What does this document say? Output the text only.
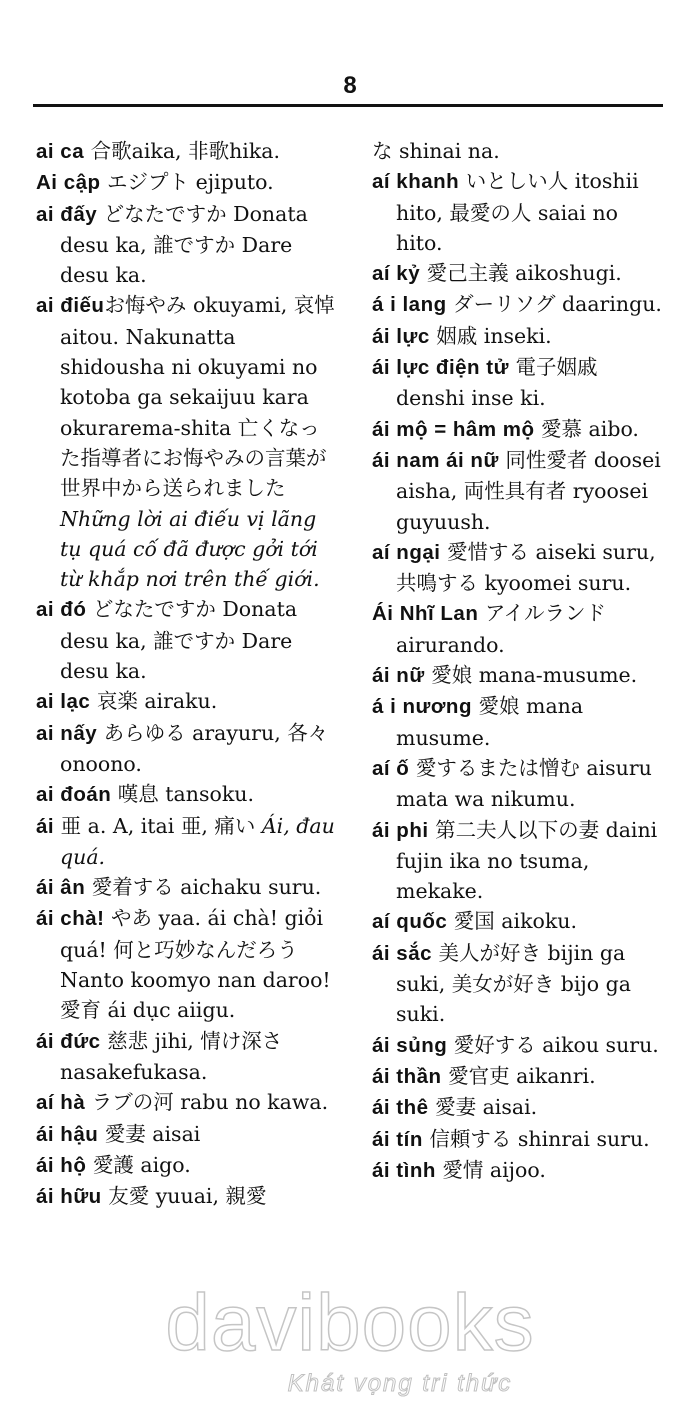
8

ai ca 合歌aika, 非歌hika.

Ai cập エジプト ejiputo.

ai đấy どなたですか Donata desu ka, 誰ですか Dare desu ka.

ai điếuお悔やみ okuyami, 哀悼 aitou. Nakunatta shidousha ni okuyami no kotoba ga sekaijuu kara okurarema-shita 亡くなった指導者にお悔やみの言葉が世界中から送られましたNhững lời ai điếu vị lãng tụ quá cố đã được gởi tới từ khắp nơi trên thế giới.

ai đó どなたですか Donata desu ka, 誰ですか Dare desu ka.

ai lạc 哀楽 airaku.

ai nấy あらゆる arayuru, 各々 onoono.

ai đoán 嘆息 tansoku.

ái 亜 a. A, itai 亜, 痛い Ái, đau quá.

ái ân 愛着する aichaku suru.

ái chà! やあ yaa. ái chà! giỏi quá! 何と巧妙なんだろう Nanto koomyo nan daroo! 愛育 ái dục aiigu.

ái đức 慈悲 jihi, 情け深さ nasakefukasa.

aí hà ラブの河 rabu no kawa.

ái hậu 愛妻 aisai

ái hộ 愛護 aigo.

ái hữu 友愛 yuuai, 親愛

な shinai na.

aí khanh いとしい人 itoshii hito, 最愛の人 saiai no hito.

aí kỷ 愛己主義 aikoshugi.

á i lang ダーリソグ daaringu.

ái lực 姻戚 inseki.

ái lực điện tử 電子姻戚 denshi inse ki.

ái mộ = hâm mộ 愛慕 aibo.

ái nam ái nữ 同性愛者 doosei aisha, 両性具有者 ryoosei guyuush.

aí ngại 愛惜する aiseki suru, 共鳴する kyoomei suru.

Ái Nhĩ Lan アイルランド airurando.

ái nữ 愛娘 mana-musume.

á i nương 愛娘 mana musume.

aí ố 愛するまたは憎む aisuru mata wa nikumu.

ái phi 第二夫人以下の妻 daini fujin ika no tsuma, mekake.

aí quốc 愛国 aikoku.

ái sắc 美人が好き bijin ga suki, 美女が好き bijo ga suki.

ái sủng 愛好する aikou suru.

ái thần 愛官吏 aikanri.

ái thê 愛妻 aisai.

ái tín 信頼する shinrai suru.

ái tình 愛情 aijoo.

davibooks
Khát vọng tri thức
